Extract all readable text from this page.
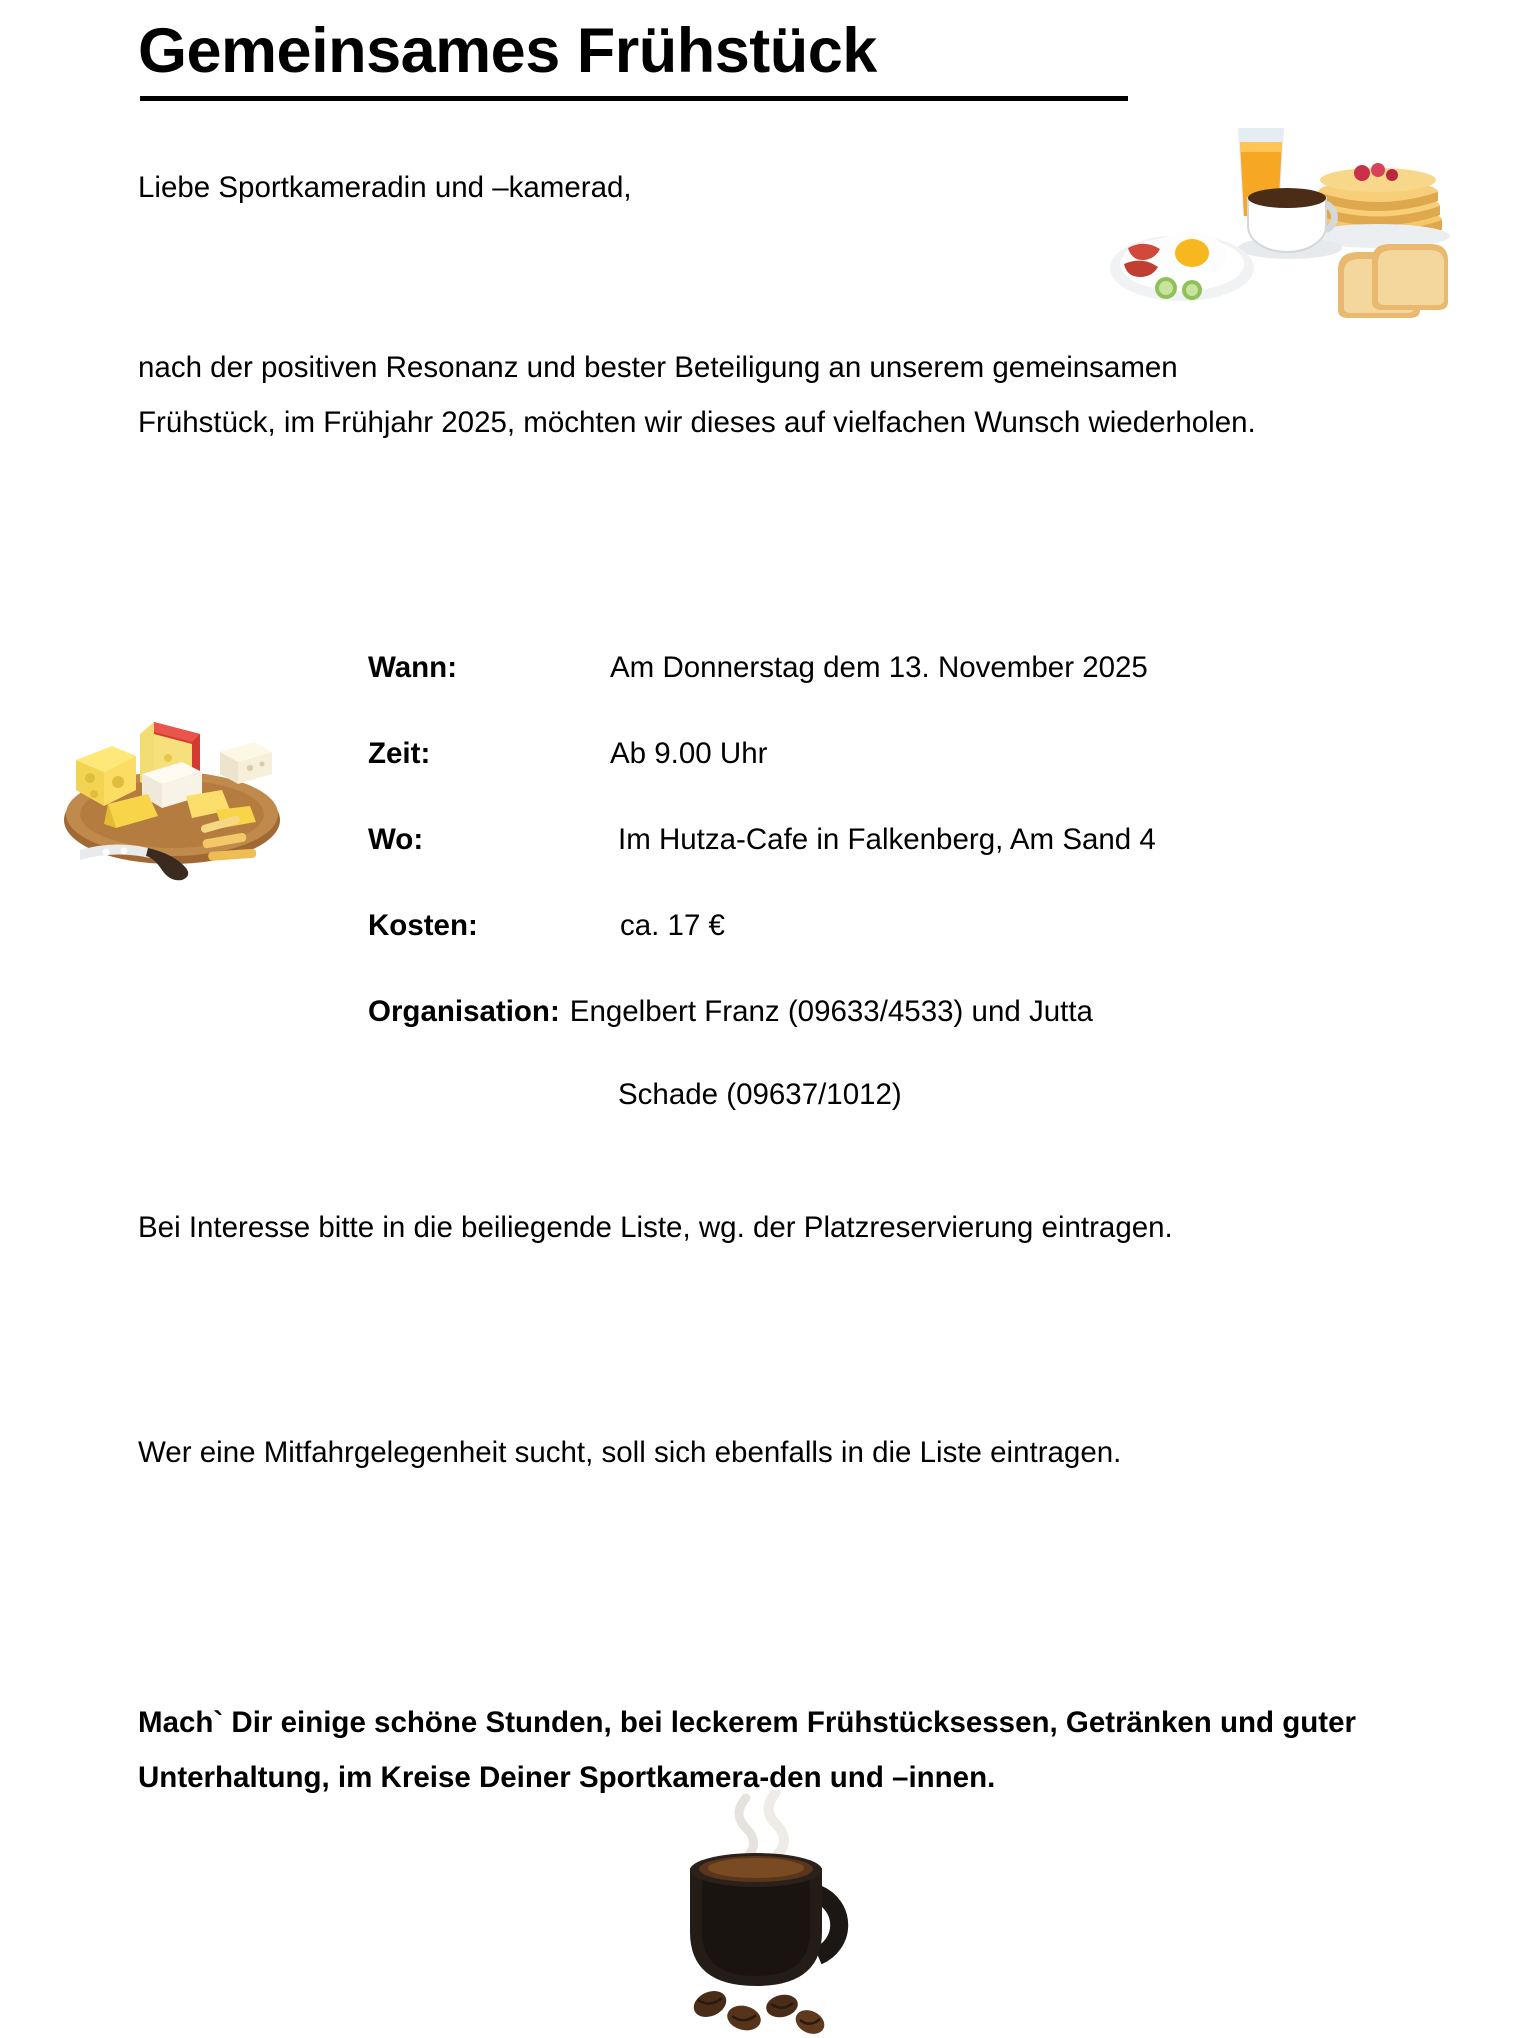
Gemeinsames Frühstück
Liebe Sportkameradin und –kamerad,
nach der positiven Resonanz und bester Beteiligung an unserem gemeinsamen Frühstück, im Frühjahr 2025, möchten wir dieses auf vielfachen Wunsch wiederholen.
Wann:	Am Donnerstag dem 13. November 2025
Zeit:	Ab 9.00 Uhr
Wo:	Im Hutza-Cafe in Falkenberg, Am Sand 4
Kosten:	ca. 17 €
Organisation: Engelbert Franz (09633/4533) und Jutta
Schade (09637/1012)
Bei Interesse bitte in die beiliegende Liste, wg. der Platzreservierung eintragen.
Wer eine Mitfahrgelegenheit sucht, soll sich ebenfalls in die Liste eintragen.
Mach` Dir einige schöne Stunden, bei leckerem Frühstücksessen, Getränken und guter Unterhaltung, im Kreise Deiner Sportkamera-den und –innen.
